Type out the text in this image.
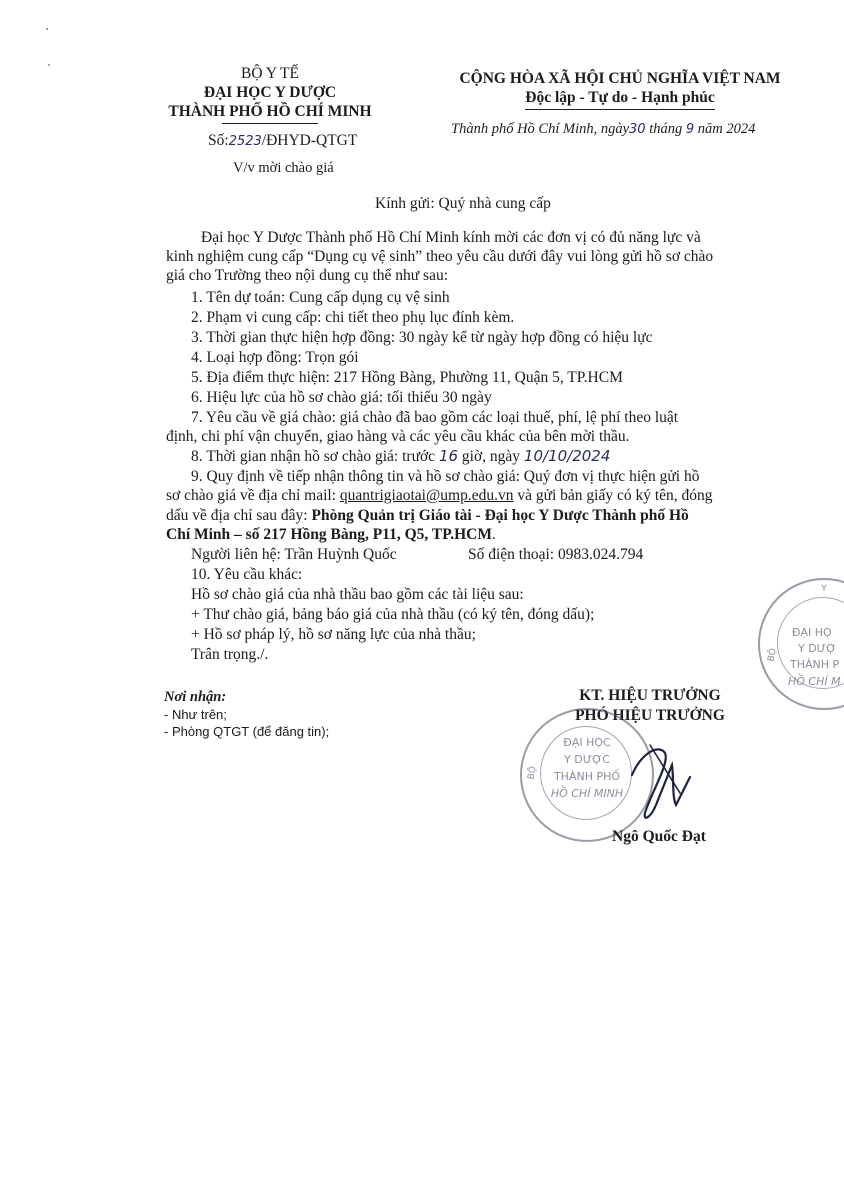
BỘ Y TẾ
ĐẠI HỌC Y DƯỢC
THÀNH PHỐ HỒ CHÍ MINH
Số:2523/ĐHYD-QTGT
V/v mời chào giá
CỘNG HÒA XÃ HỘI CHỦ NGHĨA VIỆT NAM
Độc lập - Tự do - Hạnh phúc
Thành phố Hồ Chí Minh, ngày30 tháng 9 năm 2024
Kính gửi: Quý nhà cung cấp
Đại học Y Dược Thành phố Hồ Chí Minh kính mời các đơn vị có đủ năng lực và
kinh nghiệm cung cấp “Dụng cụ vệ sinh” theo yêu cầu dưới đây vui lòng gửi hồ sơ chào
giá cho Trường theo nội dung cụ thể như sau:
1. Tên dự toán: Cung cấp dụng cụ vệ sinh
2. Phạm vi cung cấp: chi tiết theo phụ lục đính kèm.
3. Thời gian thực hiện hợp đồng: 30 ngày kể từ ngày hợp đồng có hiệu lực
4. Loại hợp đồng: Trọn gói
5. Địa điểm thực hiện: 217 Hồng Bàng, Phường 11, Quận 5, TP.HCM
6. Hiệu lực của hồ sơ chào giá: tối thiểu 30 ngày
7. Yêu cầu về giá chào: giá chào đã bao gồm các loại thuế, phí, lệ phí theo luật
định, chi phí vận chuyển, giao hàng và các yêu cầu khác của bên mời thầu.
8. Thời gian nhận hồ sơ chào giá: trước 16 giờ, ngày 10/10/2024
9. Quy định về tiếp nhận thông tin và hồ sơ chào giá: Quý đơn vị thực hiện gửi hồ
sơ chào giá về địa chỉ mail: quantrigiaotai@ump.edu.vn và gửi bản giấy có ký tên, đóng
dấu về địa chỉ sau đây: Phòng Quản trị Giáo tài - Đại học Y Dược Thành phố Hồ
Chí Minh – số 217 Hồng Bàng, P11, Q5, TP.HCM.
Người liên hệ: Trần Huỳnh Quốc	Số điện thoại: 0983.024.794
10. Yêu cầu khác:
Hồ sơ chào giá của nhà thầu bao gồm các tài liệu sau:
+ Thư chào giá, bảng báo giá của nhà thầu (có ký tên, đóng dấu);
+ Hồ sơ pháp lý, hồ sơ năng lực của nhà thầu;
Trân trọng./.
Nơi nhận:
- Như trên;
- Phòng QTGT (để đăng tin);
KT. HIỆU TRƯỞNG
PHÓ HIỆU TRƯỞNG
ĐẠI HỌC
Y DƯỢC
THÀNH PHỐ
HỒ CHÍ MINH
BỘ
Ngô Quốc Đạt
Y
ĐẠI HỌ
Y DƯỢ
THÀNH P
HỒ CHÍ M
BỘ
